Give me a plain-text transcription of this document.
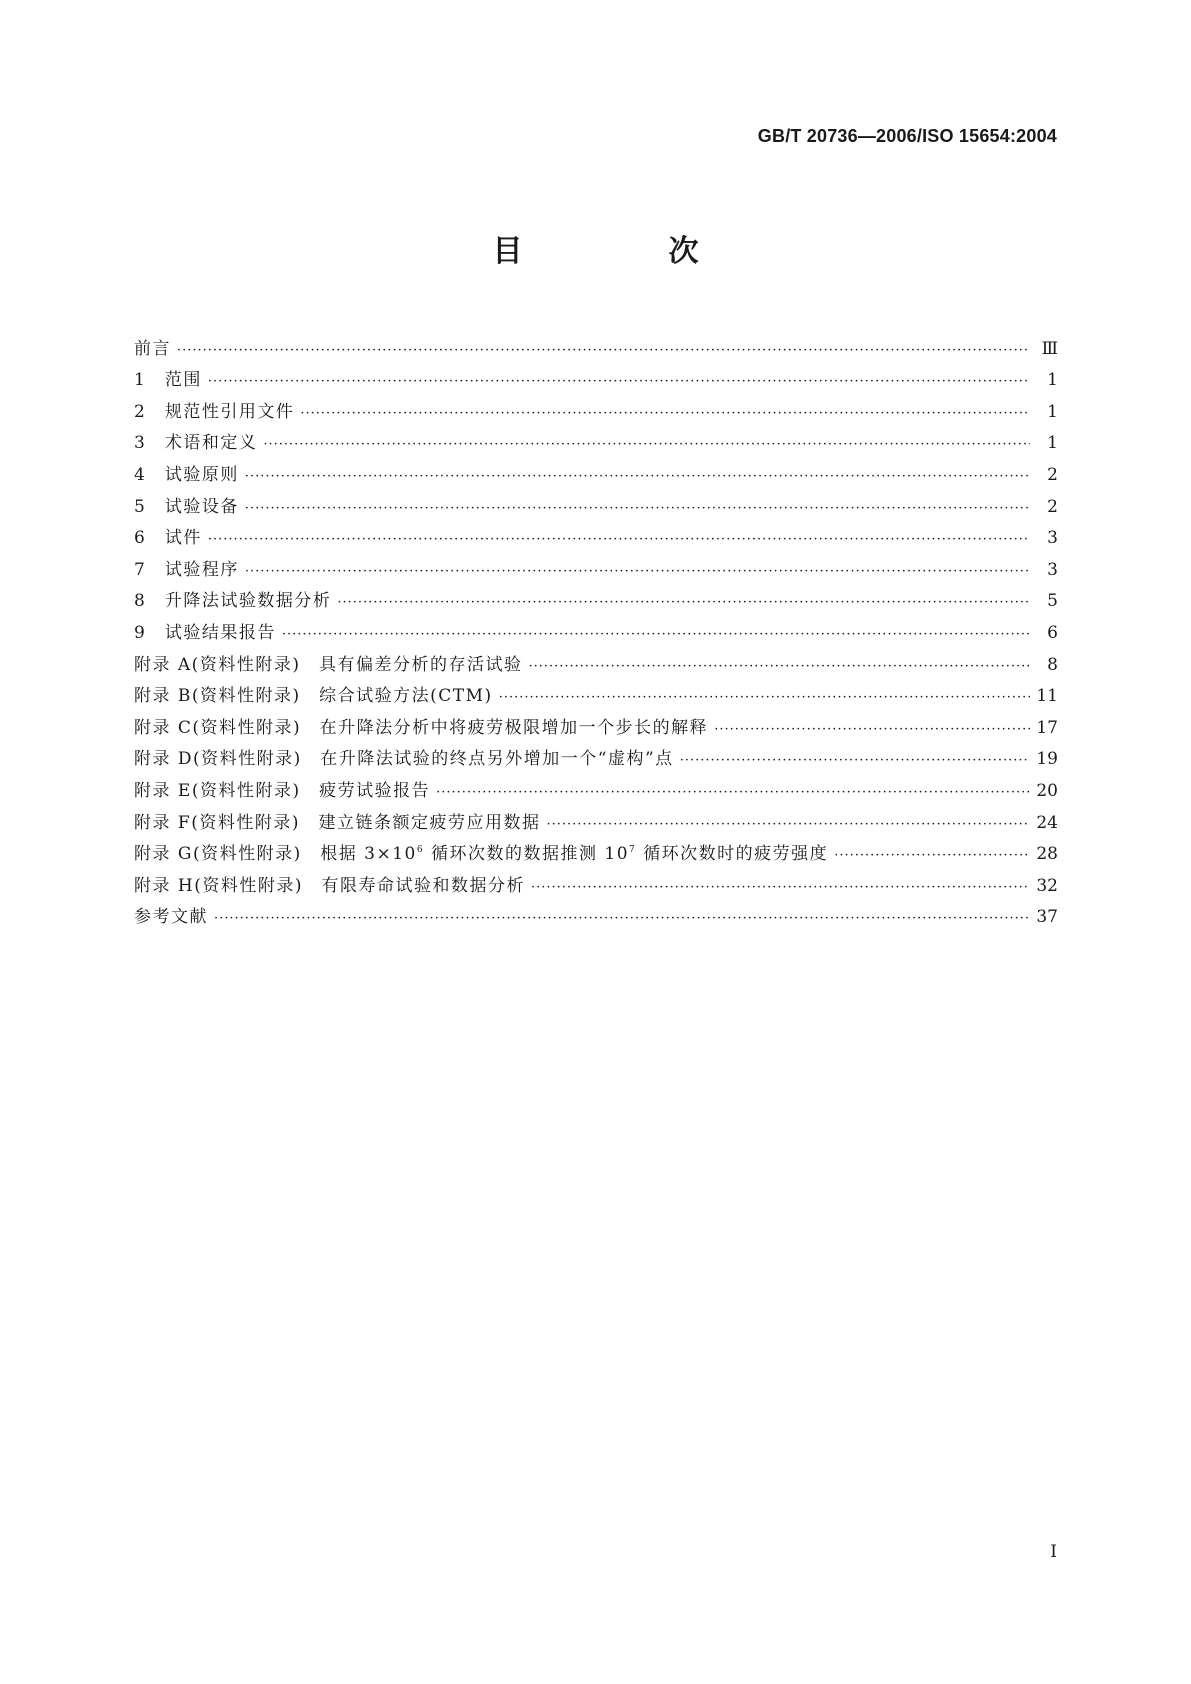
GB/T 20736—2006/ISO 15654:2004
目　次
前言 ·····	Ⅲ
1　范围 ·····	1
2　规范性引用文件 ·····	1
3　术语和定义 ·····	1
4　试验原则 ·····	2
5　试验设备 ·····	2
6　试件 ·····	3
7　试验程序 ·····	3
8　升降法试验数据分析 ·····	5
9　试验结果报告 ·····	6
附录 A(资料性附录)　具有偏差分析的存活试验 ·····	8
附录 B(资料性附录)　综合试验方法(CTM) ·····	11
附录 C(资料性附录)　在升降法分析中将疲劳极限增加一个步长的解释 ·····	17
附录 D(资料性附录)　在升降法试验的终点另外增加一个“虚构”点 ·····	19
附录 E(资料性附录)　疲劳试验报告 ·····	20
附录 F(资料性附录)　建立链条额定疲劳应用数据 ·····	24
附录 G(资料性附录)　根据 $3\times 10^6$ 循环次数的数据推测 $10^7$ 循环次数时的疲劳强度 ·····	28
附录 H(资料性附录)　有限寿命试验和数据分析 ·····	32
参考文献 ·····	37
I
